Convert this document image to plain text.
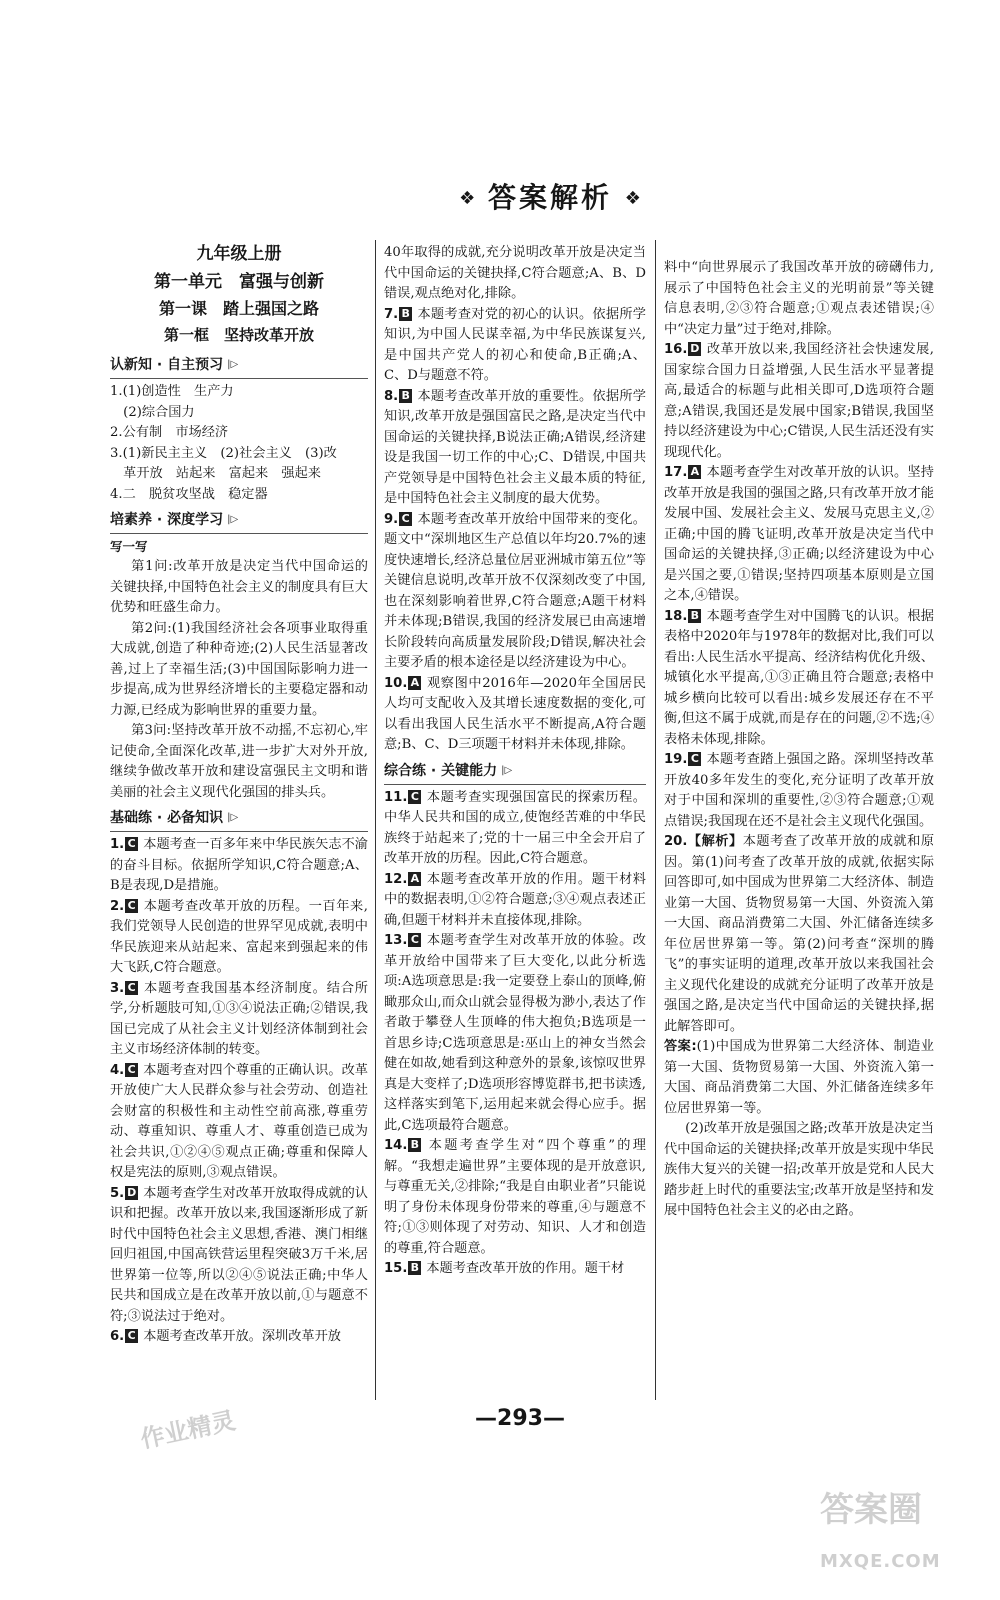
❖ 答案解析 ❖
九年级上册
第一单元　富强与创新
第一课　踏上强国之路
第一框　坚持改革开放
认新知 · 自主预习 |▷

1.(1)创造性　生产力

　(2)综合国力

2.公有制　市场经济

3.(1)新民主主义　(2)社会主义　(3)改

　革开放　站起来　富起来　强起来

4.二　脱贫攻坚战　稳定器

培素养 · 深度学习 |▷
写一写

第1问:改革开放是决定当代中国命运的关键抉择,中国特色社会主义的制度具有巨大优势和旺盛生命力。

第2问:(1)我国经济社会各项事业取得重大成就,创造了种种奇迹;(2)人民生活显著改善,过上了幸福生活;(3)中国国际影响力进一步提高,成为世界经济增长的主要稳定器和动力源,已经成为影响世界的重要力量。

第3问:坚持改革开放不动摇,不忘初心,牢记使命,全面深化改革,进一步扩大对外开放,继续争做改革开放和建设富强民主文明和谐美丽的社会主义现代化强国的排头兵。

基础练 · 必备知识 |▷

1. C 本题考查一百多年来中华民族矢志不渝的奋斗目标。依据所学知识,C符合题意;A、B是表现,D是措施。

2. C 本题考查改革开放的历程。一百年来,我们党领导人民创造的世界罕见成就,表明中华民族迎来从站起来、富起来到强起来的伟大飞跃,C符合题意。

3. C 本题考查我国基本经济制度。结合所学,分析题肢可知,①③④说法正确;②错误,我国已完成了从社会主义计划经济体制到社会主义市场经济体制的转变。

4. C 本题考查对四个尊重的正确认识。改革开放使广大人民群众参与社会劳动、创造社会财富的积极性和主动性空前高涨,尊重劳动、尊重知识、尊重人才、尊重创造已成为社会共识,①②④⑤观点正确;尊重和保障人权是宪法的原则,③观点错误。

5. D 本题考查学生对改革开放取得成就的认识和把握。改革开放以来,我国逐渐形成了新时代中国特色社会主义思想,香港、澳门相继回归祖国,中国高铁营运里程突破3万千米,居世界第一位等,所以②④⑤说法正确;中华人民共和国成立是在改革开放以前,①与题意不符;③说法过于绝对。

6. C 本题考查改革开放。深圳改革开放

40年取得的成就,充分说明改革开放是决定当代中国命运的关键抉择,C符合题意;A、B、D错误,观点绝对化,排除。

7. B 本题考查对党的初心的认识。依据所学知识,为中国人民谋幸福,为中华民族谋复兴,是中国共产党人的初心和使命,B正确;A、C、D与题意不符。

8. B 本题考查改革开放的重要性。依据所学知识,改革开放是强国富民之路,是决定当代中国命运的关键抉择,B说法正确;A错误,经济建设是我国一切工作的中心;C、D错误,中国共产党领导是中国特色社会主义最本质的特征,是中国特色社会主义制度的最大优势。

9. C 本题考查改革开放给中国带来的变化。题文中“深圳地区生产总值以年均20.7%的速度快速增长,经济总量位居亚洲城市第五位”等关键信息说明,改革开放不仅深刻改变了中国,也在深刻影响着世界,C符合题意;A题干材料并未体现;B错误,我国的经济发展已由高速增长阶段转向高质量发展阶段;D错误,解决社会主要矛盾的根本途径是以经济建设为中心。

10. A 观察图中2016年—2020年全国居民人均可支配收入及其增长速度数据的变化,可以看出我国人民生活水平不断提高,A符合题意;B、C、D三项题干材料并未体现,排除。

综合练 · 关键能力 |▷

11. C 本题考查实现强国富民的探索历程。中华人民共和国的成立,使饱经苦难的中华民族终于站起来了;党的十一届三中全会开启了改革开放的历程。因此,C符合题意。

12. A 本题考查改革开放的作用。题干材料中的数据表明,①②符合题意;③④观点表述正确,但题干材料并未直接体现,排除。

13. C 本题考查学生对改革开放的体验。改革开放给中国带来了巨大变化,以此分析选项:A选项意思是:我一定要登上泰山的顶峰,俯瞰那众山,而众山就会显得极为渺小,表达了作者敢于攀登人生顶峰的伟大抱负;B选项是一首思乡诗;C选项意思是:巫山上的神女当然会健在如故,她看到这种意外的景象,该惊叹世界真是大变样了;D选项形容博览群书,把书读透,这样落实到笔下,运用起来就会得心应手。据此,C选项最符合题意。

14. B 本题考查学生对“四个尊重”的理解。“我想走遍世界”主要体现的是开放意识,与尊重无关,②排除;“我是自由职业者”只能说明了身份未体现身份带来的尊重,④与题意不符;①③则体现了对劳动、知识、人才和创造的尊重,符合题意。

15. B 本题考查改革开放的作用。题干材

料中“向世界展示了我国改革开放的磅礴伟力,展示了中国特色社会主义的光明前景”等关键信息表明,②③符合题意;①观点表述错误;④中“决定力量”过于绝对,排除。

16. D 改革开放以来,我国经济社会快速发展,国家综合国力日益增强,人民生活水平显著提高,最适合的标题与此相关即可,D选项符合题意;A错误,我国还是发展中国家;B错误,我国坚持以经济建设为中心;C错误,人民生活还没有实现现代化。

17. A 本题考查学生对改革开放的认识。坚持改革开放是我国的强国之路,只有改革开放才能发展中国、发展社会主义、发展马克思主义,②正确;中国的腾飞证明,改革开放是决定当代中国命运的关键抉择,③正确;以经济建设为中心是兴国之要,①错误;坚持四项基本原则是立国之本,④错误。

18. B 本题考查学生对中国腾飞的认识。根据表格中2020年与1978年的数据对比,我们可以看出:人民生活水平提高、经济结构优化升级、城镇化水平提高,①③正确且符合题意;表格中城乡横向比较可以看出:城乡发展还存在不平衡,但这不属于成就,而是存在的问题,②不选;④表格未体现,排除。

19. C 本题考查踏上强国之路。深圳坚持改革开放40多年发生的变化,充分证明了改革开放对于中国和深圳的重要性,②③符合题意;①观点错误;我国现在还不是社会主义现代化强国。

20.【解析】本题考查了改革开放的成就和原因。第(1)问考查了改革开放的成就,依据实际回答即可,如中国成为世界第二大经济体、制造业第一大国、货物贸易第一大国、外资流入第一大国、商品消费第二大国、外汇储备连续多年位居世界第一等。第(2)问考查“深圳的腾飞”的事实证明的道理,改革开放以来我国社会主义现代化建设的成就充分证明了改革开放是强国之路,是决定当代中国命运的关键抉择,据此解答即可。

答案:(1)中国成为世界第二大经济体、制造业第一大国、货物贸易第一大国、外资流入第一大国、商品消费第二大国、外汇储备连续多年位居世界第一等。

(2)改革开放是强国之路;改革开放是决定当代中国命运的关键抉择;改革开放是实现中华民族伟大复兴的关键一招;改革开放是党和人民大踏步赶上时代的重要法宝;改革开放是坚持和发展中国特色社会主义的必由之路。

—293—
作业精灵
答案圈
MXQE.COM
